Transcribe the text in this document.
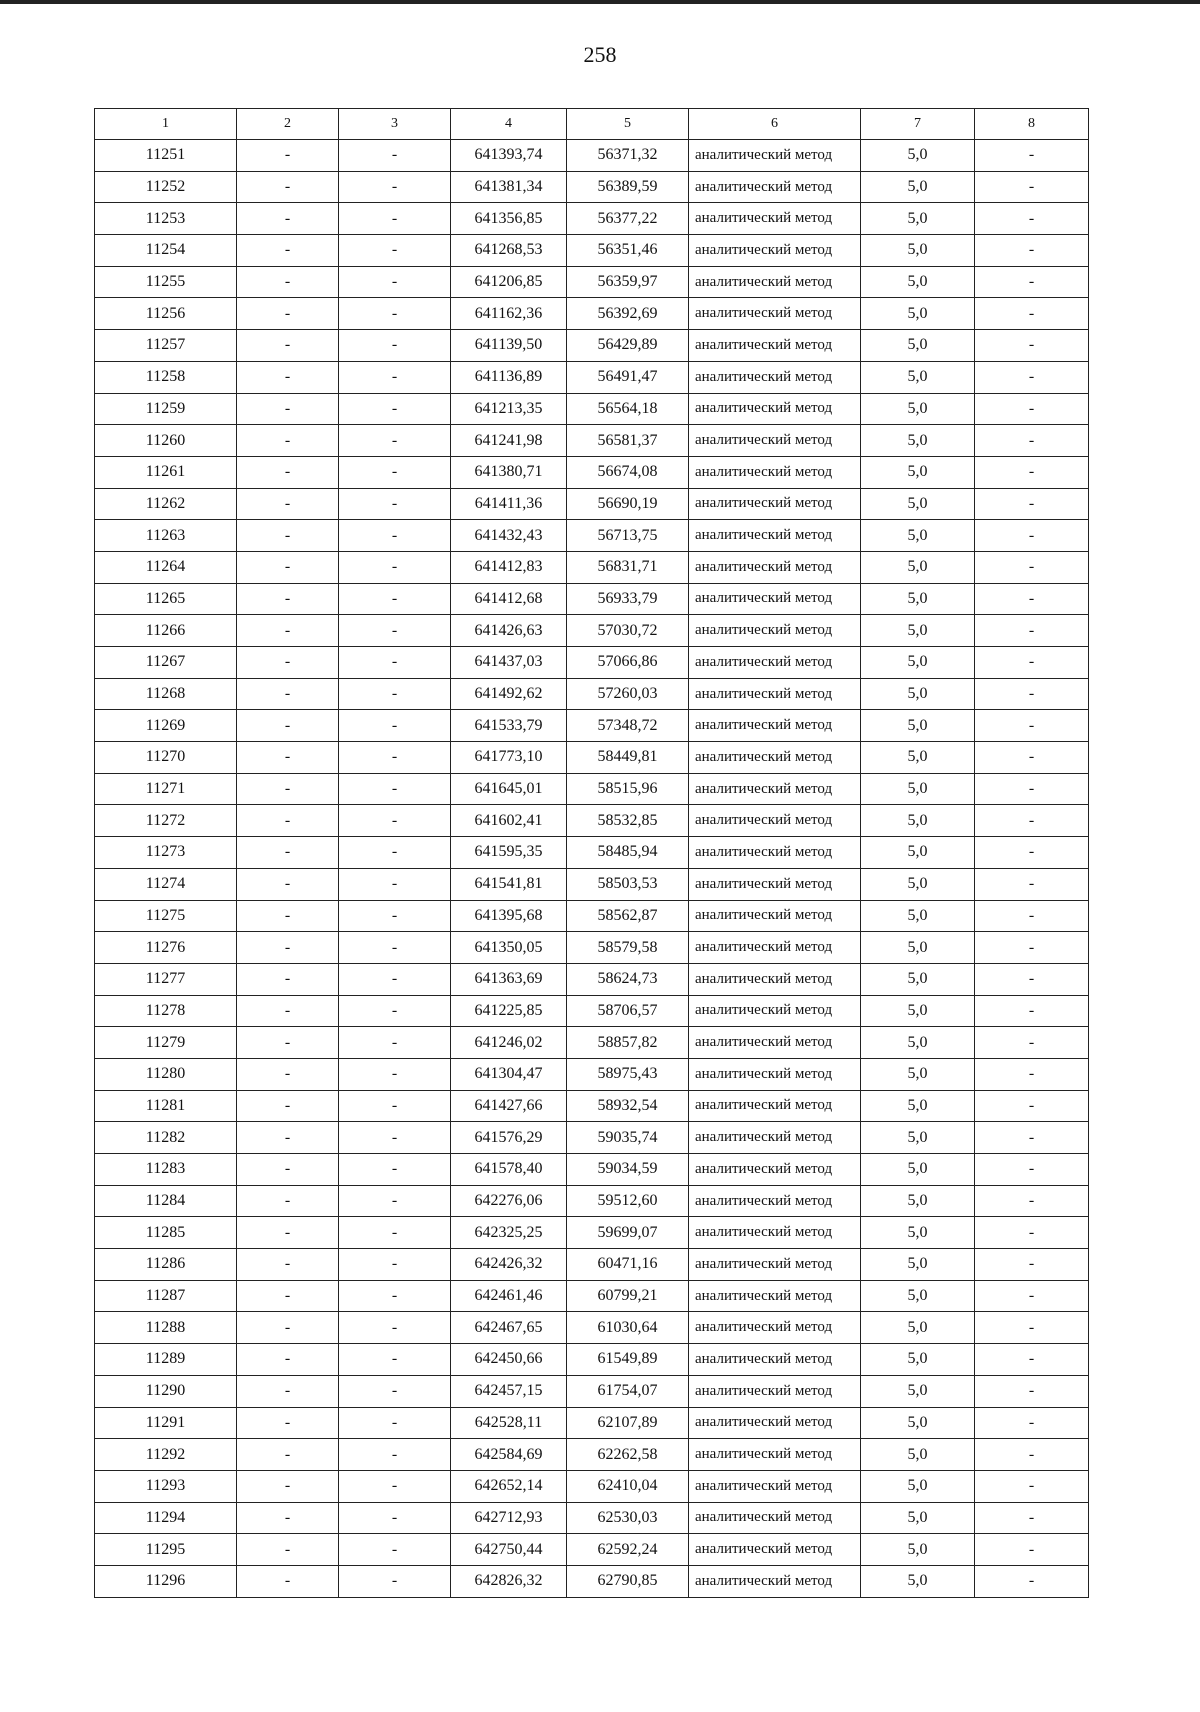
258
1	2	3	4	5	6	7	8
11251	-	-	641393,74	56371,32	аналитический метод	5,0	-
11252	-	-	641381,34	56389,59	аналитический метод	5,0	-
11253	-	-	641356,85	56377,22	аналитический метод	5,0	-
11254	-	-	641268,53	56351,46	аналитический метод	5,0	-
11255	-	-	641206,85	56359,97	аналитический метод	5,0	-
11256	-	-	641162,36	56392,69	аналитический метод	5,0	-
11257	-	-	641139,50	56429,89	аналитический метод	5,0	-
11258	-	-	641136,89	56491,47	аналитический метод	5,0	-
11259	-	-	641213,35	56564,18	аналитический метод	5,0	-
11260	-	-	641241,98	56581,37	аналитический метод	5,0	-
11261	-	-	641380,71	56674,08	аналитический метод	5,0	-
11262	-	-	641411,36	56690,19	аналитический метод	5,0	-
11263	-	-	641432,43	56713,75	аналитический метод	5,0	-
11264	-	-	641412,83	56831,71	аналитический метод	5,0	-
11265	-	-	641412,68	56933,79	аналитический метод	5,0	-
11266	-	-	641426,63	57030,72	аналитический метод	5,0	-
11267	-	-	641437,03	57066,86	аналитический метод	5,0	-
11268	-	-	641492,62	57260,03	аналитический метод	5,0	-
11269	-	-	641533,79	57348,72	аналитический метод	5,0	-
11270	-	-	641773,10	58449,81	аналитический метод	5,0	-
11271	-	-	641645,01	58515,96	аналитический метод	5,0	-
11272	-	-	641602,41	58532,85	аналитический метод	5,0	-
11273	-	-	641595,35	58485,94	аналитический метод	5,0	-
11274	-	-	641541,81	58503,53	аналитический метод	5,0	-
11275	-	-	641395,68	58562,87	аналитический метод	5,0	-
11276	-	-	641350,05	58579,58	аналитический метод	5,0	-
11277	-	-	641363,69	58624,73	аналитический метод	5,0	-
11278	-	-	641225,85	58706,57	аналитический метод	5,0	-
11279	-	-	641246,02	58857,82	аналитический метод	5,0	-
11280	-	-	641304,47	58975,43	аналитический метод	5,0	-
11281	-	-	641427,66	58932,54	аналитический метод	5,0	-
11282	-	-	641576,29	59035,74	аналитический метод	5,0	-
11283	-	-	641578,40	59034,59	аналитический метод	5,0	-
11284	-	-	642276,06	59512,60	аналитический метод	5,0	-
11285	-	-	642325,25	59699,07	аналитический метод	5,0	-
11286	-	-	642426,32	60471,16	аналитический метод	5,0	-
11287	-	-	642461,46	60799,21	аналитический метод	5,0	-
11288	-	-	642467,65	61030,64	аналитический метод	5,0	-
11289	-	-	642450,66	61549,89	аналитический метод	5,0	-
11290	-	-	642457,15	61754,07	аналитический метод	5,0	-
11291	-	-	642528,11	62107,89	аналитический метод	5,0	-
11292	-	-	642584,69	62262,58	аналитический метод	5,0	-
11293	-	-	642652,14	62410,04	аналитический метод	5,0	-
11294	-	-	642712,93	62530,03	аналитический метод	5,0	-
11295	-	-	642750,44	62592,24	аналитический метод	5,0	-
11296	-	-	642826,32	62790,85	аналитический метод	5,0	-
